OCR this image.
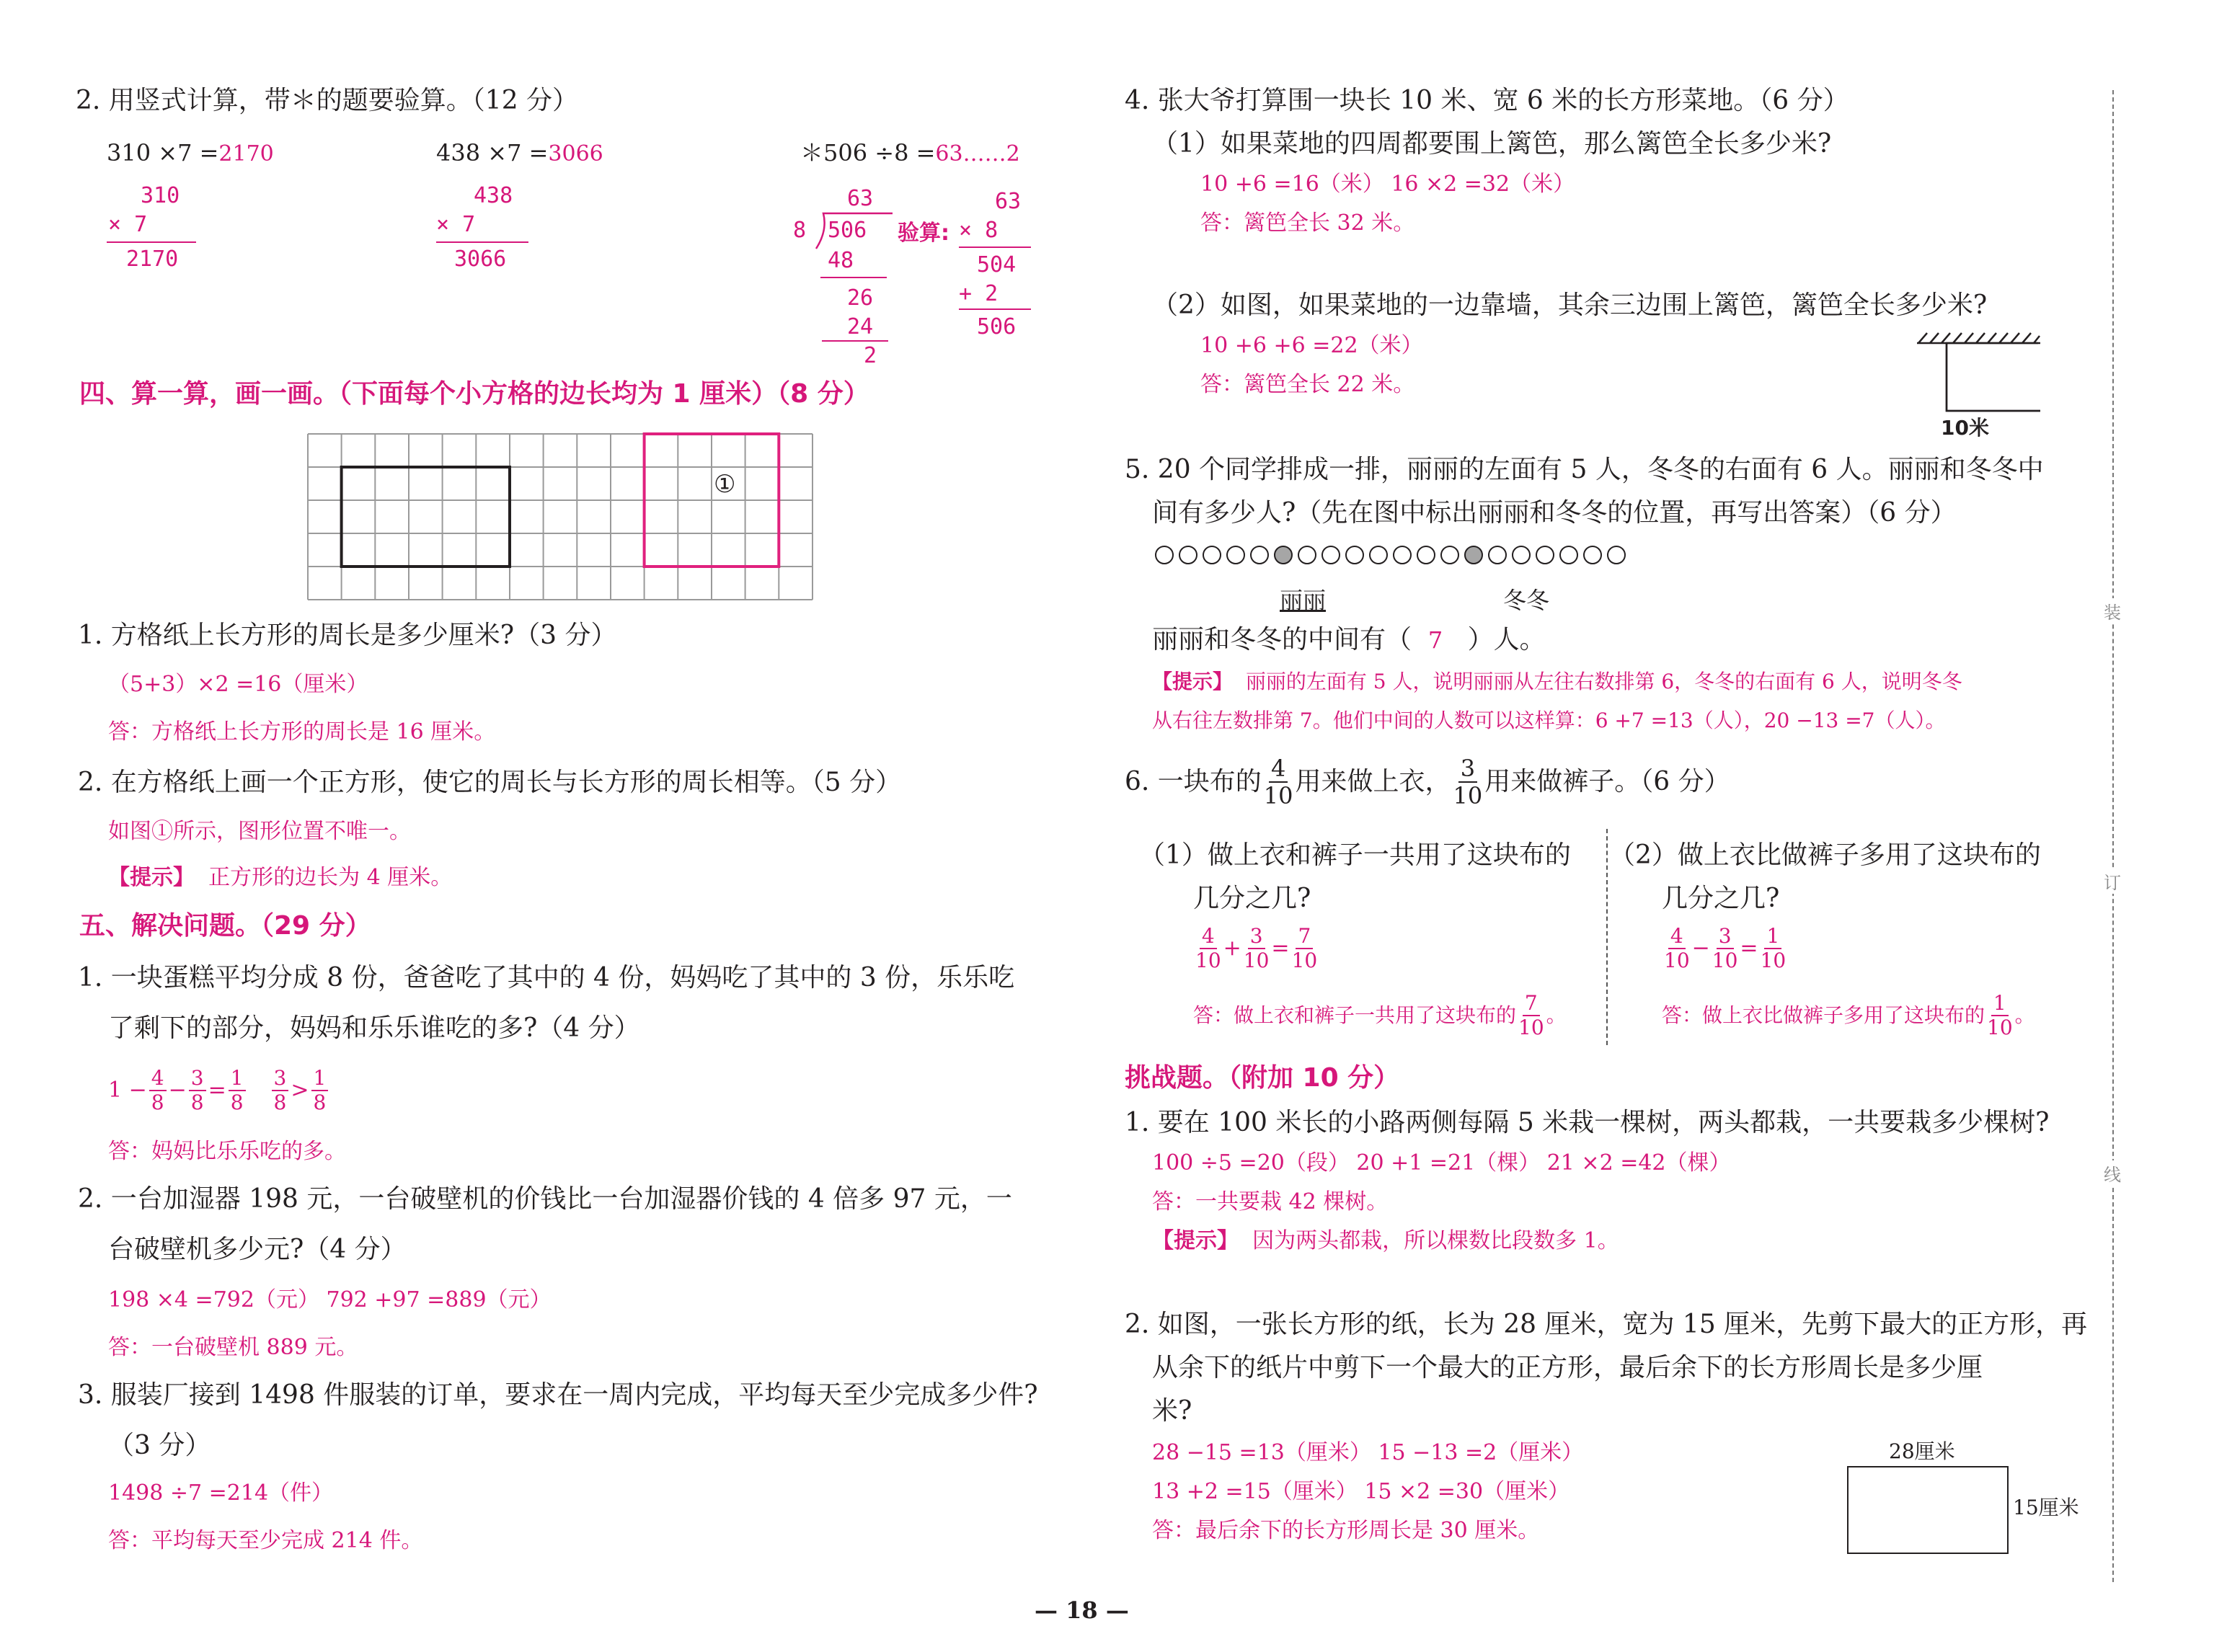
2. 用竖式计算，带＊的题要验算。（12 分）
310 ×7 =2170
310
× 7
2170
438 ×7 =3066
438
× 7
3066
＊506 ÷8 =63……2
63
8 506
48
26
24
2
验算:
63
× 8
504
+ 2
506
四、算一算，画一画。（下面每个小方格的边长均为 1 厘米）（8 分）
①
1. 方格纸上长方形的周长是多少厘米?（3 分）
（5+3）×2 =16（厘米）
答：方格纸上长方形的周长是 16 厘米。
2. 在方格纸上画一个正方形，使它的周长与长方形的周长相等。（5 分）
如图①所示，图形位置不唯一。
【提示】 正方形的边长为 4 厘米。
五、解决问题。（29 分）
1. 一块蛋糕平均分成 8 份，爸爸吃了其中的 4 份，妈妈吃了其中的 3 份，乐乐吃
了剩下的部分，妈妈和乐乐谁吃的多?（4 分）
$1 - \frac{4}{8} - \frac{3}{8} = \frac{1}{8} \frac{3}{8} > \frac{1}{8}$
答：妈妈比乐乐吃的多。
2. 一台加湿器 198 元，一台破壁机的价钱比一台加湿器价钱的 4 倍多 97 元，一
台破壁机多少元?（4 分）
198 ×4 =792（元） 792 +97 =889（元）
答：一台破壁机 889 元。
3. 服装厂接到 1498 件服装的订单，要求在一周内完成，平均每天至少完成多少件?
（3 分）
1498 ÷7 =214（件）
答：平均每天至少完成 214 件。
4. 张大爷打算围一块长 10 米、宽 6 米的长方形菜地。（6 分）
（1）如果菜地的四周都要围上篱笆，那么篱笆全长多少米?
10 +6 =16（米） 16 ×2 =32（米）
答：篱笆全长 32 米。
（2）如图，如果菜地的一边靠墙，其余三边围上篱笆，篱笆全长多少米?
10 +6 +6 =22（米）
答：篱笆全长 22 米。
10米
5. 20 个同学排成一排，丽丽的左面有 5 人，冬冬的右面有 6 人。丽丽和冬冬中
间有多少人?（先在图中标出丽丽和冬冬的位置，再写出答案）（6 分）
丽丽	冬冬
丽丽和冬冬的中间有（ 7 ）人。
【提示】 丽丽的左面有 5 人，说明丽丽从左往右数排第 6，冬冬的右面有 6 人，说明冬冬
从右往左数排第 7。他们中间的人数可以这样算：6 +7 =13（人），20 −13 =7（人）。
6. 一块布的 $\frac{4}{10}$ 用来做上衣， $\frac{3}{10}$ 用来做裤子。（6 分）
（1）做上衣和裤子一共用了这块布的
几分之几?
$\frac{4}{10} + \frac{3}{10} = \frac{7}{10}$
答：做上衣和裤子一共用了这块布的 $\frac{7}{10}$ 。
（2）做上衣比做裤子多用了这块布的
几分之几?
$\frac{4}{10} - \frac{3}{10} = \frac{1}{10}$
答：做上衣比做裤子多用了这块布的 $\frac{1}{10}$ 。
挑战题。（附加 10 分）
1. 要在 100 米长的小路两侧每隔 5 米栽一棵树，两头都栽，一共要栽多少棵树?
100 ÷5 =20（段） 20 +1 =21（棵） 21 ×2 =42（棵）
答：一共要栽 42 棵树。
【提示】 因为两头都栽，所以棵数比段数多 1。
2. 如图，一张长方形的纸，长为 28 厘米，宽为 15 厘米，先剪下最大的正方形，再
从余下的纸片中剪下一个最大的正方形，最后余下的长方形周长是多少厘
米?
28 −15 =13（厘米） 15 −13 =2（厘米）
13 +2 =15（厘米） 15 ×2 =30（厘米）
答：最后余下的长方形周长是 30 厘米。
28厘米
15厘米
装
订
线
— 18 —
